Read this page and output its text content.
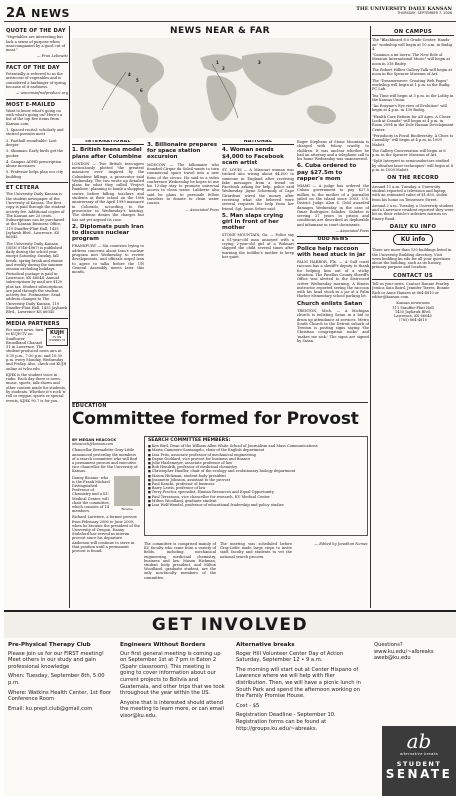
2A NEWS	THE UNIVERSITY DAILY KANSAN
THURSDAY, SEPTEMBER 7, 2006
QUOTE OF THE DAY

"Vegetables are interesting but lack a sense of purpose when unaccompanied by a good cut of meat."

— Fran Lebowitz

FACT OF THE DAY

Potentially is referred to as the aristocrat of vegetables and is considered a harbinger of spring because of it earliness.

— wisconsinfredproduce.org

MOST E-MAILED

Want to know what's going on with what's going on? Here's a list of the top five items from Kansan.com:

1. Spaced recital: scholarly and storied pursuits meet

2. Football roundtable: Lost deeper

3. Shinman: Early birds get the goober

4. Campus ADHD prescription abuse increases

5. Professor helps plan eco city building

ET CETERA

The University Daily Kansan is the student newspaper of the University of Kansas. The first copy is paid through the student activity fee. Additional copies of The Kansan are 25 cents. Subscriptions can be purchased at the Kansan Business Office, 119 Stauffer-Flint Hall, 1435 Jayhawk Blvd., Lawrence, KS 66045.

The University Daily Kansan (ISSN 0746-4967) is published daily during the school year except Saturday, Sunday, fall break, spring break and exams and weekly during the summer session excluding holidays. Periodical postage is paid in Lawrence, KS 66044. Annual subscriptions by mail are $120 plus tax. Student subscriptions are paid through the student activity fee. Postmaster: Send address changes to The University Daily Kansan, 119 Stauffer-Flint Hall, 1435 Jayhawk Blvd., Lawrence KS 66045.

MEDIA PARTNERS
KUJH
TV ON CHANNEL 31

For more news, turn to KUJH-TV on Sunflower Broadband Channel 31 in Lawrence. The student-produced news airs at 5:30 p.m., 7:30 p.m. and 10:30 p.m. every Monday, Wednesday and Friday. Also, check out KUJH online at tv.ku.edu.

KJHK is the student voice in radio. Each day there is news, music, sports, talk shows and other content made for students, by students. Whether it's rock 'n' roll or reggae, sports or special events, KJHK 90.7 is for you.

NEWS NEAR & FAR
1
2
3
4
5
6
INTERNATIONAL
1. British teens model plans after Columbine

LONDON — Two British teen-agers meticulously plotted 'the greatest massacre ever' inspired by the Columbine killings, a prosecutor said Wednesday. The two wrote up detailed plans for what they called 'Project Rainbow,' planning to bomb a shopping centre before killing teachers and students at their school on the 10th anniversary of the April 1999 massacre in Colorado, according to the prosecutor in Wednesday's hearing. The defense denies the charges but has not yet argued its case.

2. Diplomats push Iran to discuss nuclear program

FRANKFURT — Six countries trying to address concerns about Iran's nuclear program met Wednesday to review developments, and officials urged Iran to agree to talks before the UN General Assembly meets later this month.

3. Billionaire prepares for space station excursion

MOSCOW — The billionaire who founded Cirque du Soleil wants to turn commercial space travel into a new form of the circus. He said in a video conference Wednesday he hopes to use his 12-day stay to promote universal access to clean water. Laliberte also said he plans to persuade fellow travelers to donate to clean water causes.

— Associated Press

NATIONAL
4. Woman sends $4,000 to Facebook scam artist

ST. LOUIS — A Missouri woman was tricked into wiring about $4,000 to someone in England after receiving fake messages from a friend on Facebook asking for help, police said Wednesday. Jayne Schermuly of Cape Girardeau wired the money after receiving what she believed were several requests for help from her friend, Sgt. Jason Selzer said.

5. Man slaps crying girl in front of her mother

STONE MOUNTAIN, Ga. — Police say a 61-year-old man annoyed with a crying 2-year-old girl at a Walmart slapped the child several times after warning the toddler's mother to keep her quiet.

Roger Stephens of Stone Mountain is charged with felony cruelty to children. It was unclear whether he had an attorney and a telephone call to his home Wednesday was unanswered.

6. Cuba ordered to pay $27.5m to rapper's mom

MIAMI — A judge has ordered the Cuban government to pay $27.5 million to the mother of a journalist jailed on the island since 2003. U.S. District Judge Alan S. Gold awarded damages Wednesday in the case of Omar Rodriguez Saludes. Saludes is serving 27 years in prison and conditions are described as deplorable and inhumane in court documents.

— Associated Press

ODD NEWS
Police help raccoon with head stuck in jar

PALM HARBOR, Fla. — A Gulf coast raccoon has a sheriff's deputy to thank for helping him out of a sticky situation. The Pinellas County Sheriff's Office was alerted to the distressed critter Wednesday morning. A fitness instructor reported seeing the raccoon with his head stuck in a jar at a Palm Harbor elementary school parking lot.

Church enlists Satan

TRENTON, Mich. — A Michigan church is enlisting Satan in a bid to drum up attendance at services. Metro South Church in the Detroit suburb of Trenton is posting signs saying 'the Christian congregation sucks' and 'makes me sick.' The signs are signed by Satan.

ON CAMPUS

The "Blackboard 8.0 Grade Center: Hands-on" workshop will begin at 10 a.m. in Budig 4.

"Caminos a mi tierra: The New Role of Mexican International Music" will begin at noon in 318 Bailey.

The Robert Hillier Gallery Talk will begin at noon in the Spencer Museum of Art.

The "Dreamweaver: Creating Web Pages" workshop will begin at 1 p.m. in the Budig PC Lab.

Tea Time will begin at 3 p.m. in the Lobby in the Kansas Union.

"An Enzyme's Eye view of Evolution" will begin at 4 p.m. in 130 Budig.

"Health Care Reform for All Ages: A Closer Look at Canada" will begin at 4 p.m. in Room 2094 in the Dole Human Development Center.

"Periodicity in Fossil Biodiversity: A Clues to Causality" will begin at 4 p.m. in 1009 Malott.

The Gallery Conversation will begin at 6 p.m. in the Spencer Museum of Art.

"Split Interpret in semiconductors studied by ultrafast laser techniques" will begin at 8 p.m. in 1009 Malott.

ON THE RECORD

Around 11 a.m. Tuesday, a University student reported a television and laptop, with an estimated value of $1,850, stolen from his home on Tennessee Street.

Around 2 a.m. Tuesday, a University student and a Lawrence resident reported they were hit on their vehicle's sideview mirrors on Emery Road.

DAILY KU INFO
KU info

There are more than 130 buildings listed in the University Building directory. Visit www.building.ku.edu for all your questions about the building, such as its history, primary purpose and location.

CONTACT US

Tell us your news. Contact Ronnie Pearley, Jessica Sain Baird, Jennifer Torres, Bonnie Rich or Anne Hansen at 864-4810 or editor@kansan.com.

Kansan newsroom
111 Stauffer-Flint Hall
1435 Jayhawk Blvd.
Lawrence, KS 66045
(785) 864-4810

EDUCATION
Committee formed for Provost
BY MEGAN HEACOCK
mheacock@kansan.com

Chancellor Bernadette Gray-Little announced yesterday the members of a search committee who will find a permanent provost and executive vice chancellor for the University of Kansas.

Bicaine

Danny Bicaine, who is the Frank Michael Distinguished Professor of Chemistry and a KU Medical Center, will chair the committee, which consists of 14 members.

Richard Lariviere, a former provost from February 2006 to June 2009, when he became the president of the University of Oregon. Danny Stuleford has served as interim provost since his departure. Anderson will continue to serve in that position until a permanent provost is found.

SEARCH COMMITTEE MEMBERS:
■ Ken Bird, Dean of the William Allen White School of Journalism and Mass Communications
■ Marta Caminero-Santangelo, chair of the English department
■ Lisa Friis, associate professor of mechanical engineering
■ Dayne Goddard, vice provost for business and finance
■ Julie Hazlemeyer, associate professor of law
■ Bob Hendrik, professor of medicinal chemistry
■ Christopher Haufler, chair of the ecology and evolutionary biology department
■ Mason Hickman, student body president
■ Jeannette Johnson, assistant to the provost
■ Paul Kanchi, professor of business
■ Barry Lewis, professor of law
■ Terry Proctor, specialist, Human Resources and Equal Opportunity
■ Paul Terranova, vice chancellor for research, KU Medical Center
■ Milton Woodland, graduate student
■ Lisa Wolf-Wendel, professor of educational leadership and policy studies
The committee is comprised mainly of KU faculty who come from a variety of fields, including mechanical engineering, medicinal chemistry, business and law. Mason Hickman, student body president, and Milton Woodland, graduate student, are the only non-faculty members of the committee.
The meeting was scheduled before Gray-Little made large steps to invite staff, faculty and students to vet the national search process.
— Edited by Jonathan Nemec
GET INVOLVED
Pre-Physical Therapy Club

Please join us for our FIRST meeting! Meet others in our study and gain professional knowledge

When: Tuesday, September 8th, 5:00 p.m.

Where: Watkins Health Center, 1st floor Conference Room

Email: ku.prept.club@gmail.com

Engineers Without Borders

Our first general meeting is coming up on September 1st at 7 pm in Eaton 2 (Spahr classroom). This meeting is going to cover information about our current projects to Bolivia and Guatemala, and other trips that we took throughout the year within the US.

Anyone that is interested should attend the meeting to learn more, or can email visor@ku.edu.

Alternative breaks

Roger Hill Volunteer Center Day of Action Saturday, September 12 • 9 a.m.

The morning will start out at Center Hispano of Lawrence where we will help with flier distribution. Then, we will have a picnic lunch in South Park and spend the afternoon working on the Family Promise House.

Cost - $5

Registration Deadline - September 10. Registration forms can be found at http://groups.ku.edu/~abreaks.

Questions? www.ku.edu/~albreaks aweb@ku.edu

ab
alternative breaks
STUDENT
SENATE
